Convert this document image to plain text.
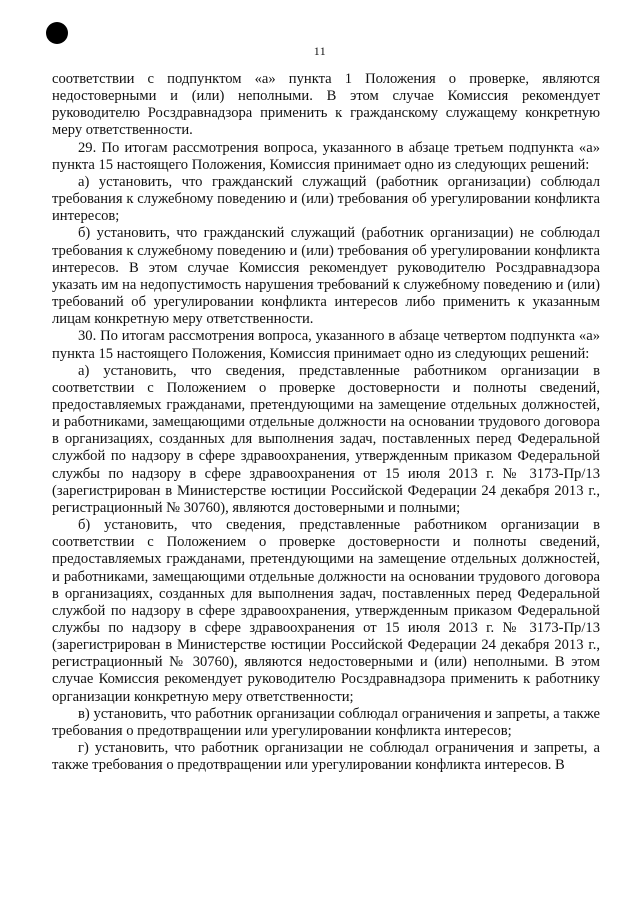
11

соответствии с подпунктом «а» пункта 1 Положения о проверке, являются недостоверными и (или) неполными. В этом случае Комиссия рекомендует руководителю Росздравнадзора применить к гражданскому служащему конкретную меру ответственности.

29. По итогам рассмотрения вопроса, указанного в абзаце третьем подпункта «а» пункта 15 настоящего Положения, Комиссия принимает одно из следующих решений:

а) установить, что гражданский служащий (работник организации) соблюдал требования к служебному поведению и (или) требования об урегулировании конфликта интересов;

б) установить, что гражданский служащий (работник организации) не соблюдал требования к служебному поведению и (или) требования об урегулировании конфликта интересов. В этом случае Комиссия рекомендует руководителю Росздравнадзора указать им на недопустимость нарушения требований к служебному поведению и (или) требований об урегулировании конфликта интересов либо применить к указанным лицам конкретную меру ответственности.

30. По итогам рассмотрения вопроса, указанного в абзаце четвертом подпункта «а» пункта 15 настоящего Положения, Комиссия принимает одно из следующих решений:

а) установить, что сведения, представленные работником организации в соответствии с Положением о проверке достоверности и полноты сведений, предоставляемых гражданами, претендующими на замещение отдельных должностей, и работниками, замещающими отдельные должности на основании трудового договора в организациях, созданных для выполнения задач, поставленных перед Федеральной службой по надзору в сфере здравоохранения, утвержденным приказом Федеральной службы по надзору в сфере здравоохранения от 15 июля 2013 г. № 3173-Пр/13 (зарегистрирован в Министерстве юстиции Российской Федерации 24 декабря 2013 г., регистрационный № 30760), являются достоверными и полными;

б) установить, что сведения, представленные работником организации в соответствии с Положением о проверке достоверности и полноты сведений, предоставляемых гражданами, претендующими на замещение отдельных должностей, и работниками, замещающими отдельные должности на основании трудового договора в организациях, созданных для выполнения задач, поставленных перед Федеральной службой по надзору в сфере здравоохранения, утвержденным приказом Федеральной службы по надзору в сфере здравоохранения от 15 июля 2013 г. № 3173-Пр/13 (зарегистрирован в Министерстве юстиции Российской Федерации 24 декабря 2013 г., регистрационный № 30760), являются недостоверными и (или) неполными. В этом случае Комиссия рекомендует руководителю Росздравнадзора применить к работнику организации конкретную меру ответственности;

в) установить, что работник организации соблюдал ограничения и запреты, а также требования о предотвращении или урегулировании конфликта интересов;

г) установить, что работник организации не соблюдал ограничения и запреты, а также требования о предотвращении или урегулировании конфликта интересов. В
